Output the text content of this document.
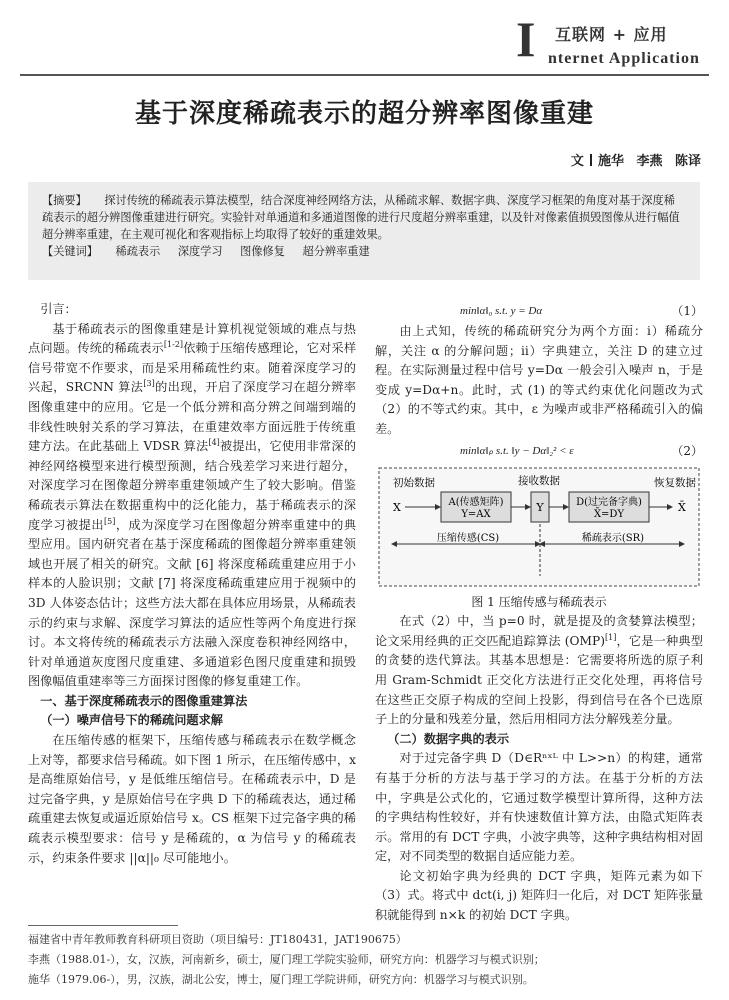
I 互联网 + 应用
nternet Application
基于深度稀疏表示的超分辨率图像重建
文 施华 李燕 陈译
【摘要】 探讨传统的稀疏表示算法模型，结合深度神经网络方法，从稀疏求解、数据字典、深度学习框架的角度对基于深度稀疏表示的超分辨图像重建进行研究。实验针对单通道和多通道图像的进行尺度超分辨率重建，以及针对像素值损毁图像从进行幅值超分辨率重建，在主观可视化和客观指标上均取得了较好的重建效果。
【关键词】 稀疏表示 深度学习 图像修复 超分辨率重建
引言：

基于稀疏表示的图像重建是计算机视觉领域的难点与热点问题。传统的稀疏表示[1-2]依赖于压缩传感理论，它对采样信号带宽不作要求，而是采用稀疏性约束。随着深度学习的兴起，SRCNN 算法[3]的出现，开启了深度学习在超分辨率图像重建中的应用。它是一个低分辨和高分辨之间端到端的非线性映射关系的学习算法，在重建效率方面远胜于传统重建方法。在此基础上 VDSR 算法[4]被提出，它使用非常深的神经网络模型来进行模型预测，结合残差学习来进行超分，对深度学习在图像超分辨率重建领域产生了较大影响。借鉴稀疏表示算法在数据重构中的泛化能力，基于稀疏表示的深度学习被提出[5]，成为深度学习在图像超分辨率重建中的典型应用。国内研究者在基于深度稀疏的图像超分辨率重建领域也开展了相关的研究。文献 [6] 将深度稀疏重建应用于小样本的人脸识别；文献 [7] 将深度稀疏重建应用于视频中的 3D 人体姿态估计；这些方法大都在具体应用场景，从稀疏表示的约束与求解、深度学习算法的适应性等两个角度进行探讨。本文将传统的稀疏表示方法融入深度卷积神经网络中，针对单通道灰度图尺度重建、多通道彩色图尺度重建和损毁图像幅值重建率等三方面探讨图像的修复重建工作。

一、基于深度稀疏表示的图像重建算法
（一）噪声信号下的稀疏问题求解

在压缩传感的框架下，压缩传感与稀疏表示在数学概念上对等，都要求信号稀疏。如下图 1 所示，在压缩传感中，x 是高维原始信号，y 是低维压缩信号。在稀疏表示中，D 是过完备字典，y 是原始信号在字典 D 下的稀疏表达，通过稀疏重建去恢复或逼近原始信号 x。CS 框架下过完备字典的稀疏表示模型要求：信号 y 是稀疏的，α 为信号 y 的稀疏表示，约束条件要求 ||α||₀ 尽可能地小。

min‖α‖₀ s.t. y = Dα	（1）

由上式知，传统的稀疏研究分为两个方面：i）稀疏分解，关注 α 的分解问题；ii）字典建立，关注 D 的建立过程。在实际测量过程中信号 y=Dα 一般会引入噪声 n，于是变成 y=Dα+n。此时，式 (1) 的等式约束优化问题改为式（2）的不等式约束。其中，ε 为噪声或非严格稀疏引入的偏差。

min‖α‖ₚ s.t. ‖y − Dα‖₂² < ε	（2）
初始数据
X	A(传感矩阵)
Y=AX
接收数据
Y	D(过完备字典)
X̄=DY
恢复数据
X̄
压缩传感(CS)	稀疏表示(SR)
图 1 压缩传感与稀疏表示

在式（2）中，当 p=0 时，就是提及的贪婪算法模型；论文采用经典的正交匹配追踪算法 (OMP)[1]，它是一种典型的贪婪的迭代算法。其基本思想是：它需要将所选的原子利用 Gram-Schmidt 正交化方法进行正交化处理，再将信号在这些正交原子构成的空间上投影，得到信号在各个已选原子上的分量和残差分量，然后用相同方法分解残差分量。

（二）数据字典的表示

对于过完备字典 D（D∈Rⁿˣᴸ 中 L>>n）的构建，通常有基于分析的方法与基于学习的方法。在基于分析的方法中，字典是公式化的，它通过数学模型计算所得，这种方法的字典结构性较好，并有快速数值计算方法，由隐式矩阵表示。常用的有 DCT 字典，小波字典等，这种字典结构相对固定，对不同类型的数据自适应能力差。

论文初始字典为经典的 DCT 字典，矩阵元素为如下（3）式。将式中 dct(i, j) 矩阵归一化后，对 DCT 矩阵张量积就能得到 n×k 的初始 DCT 字典。

福建省中青年教师教育科研项目资助（项目编号：JT180431，JAT190675）
李燕（1988.01-），女，汉族，河南新乡，硕士，厦门理工学院实验师，研究方向：机器学习与模式识别；
施华（1979.06-），男，汉族，湖北公安，博士，厦门理工学院讲师，研究方向：机器学习与模式识别。
